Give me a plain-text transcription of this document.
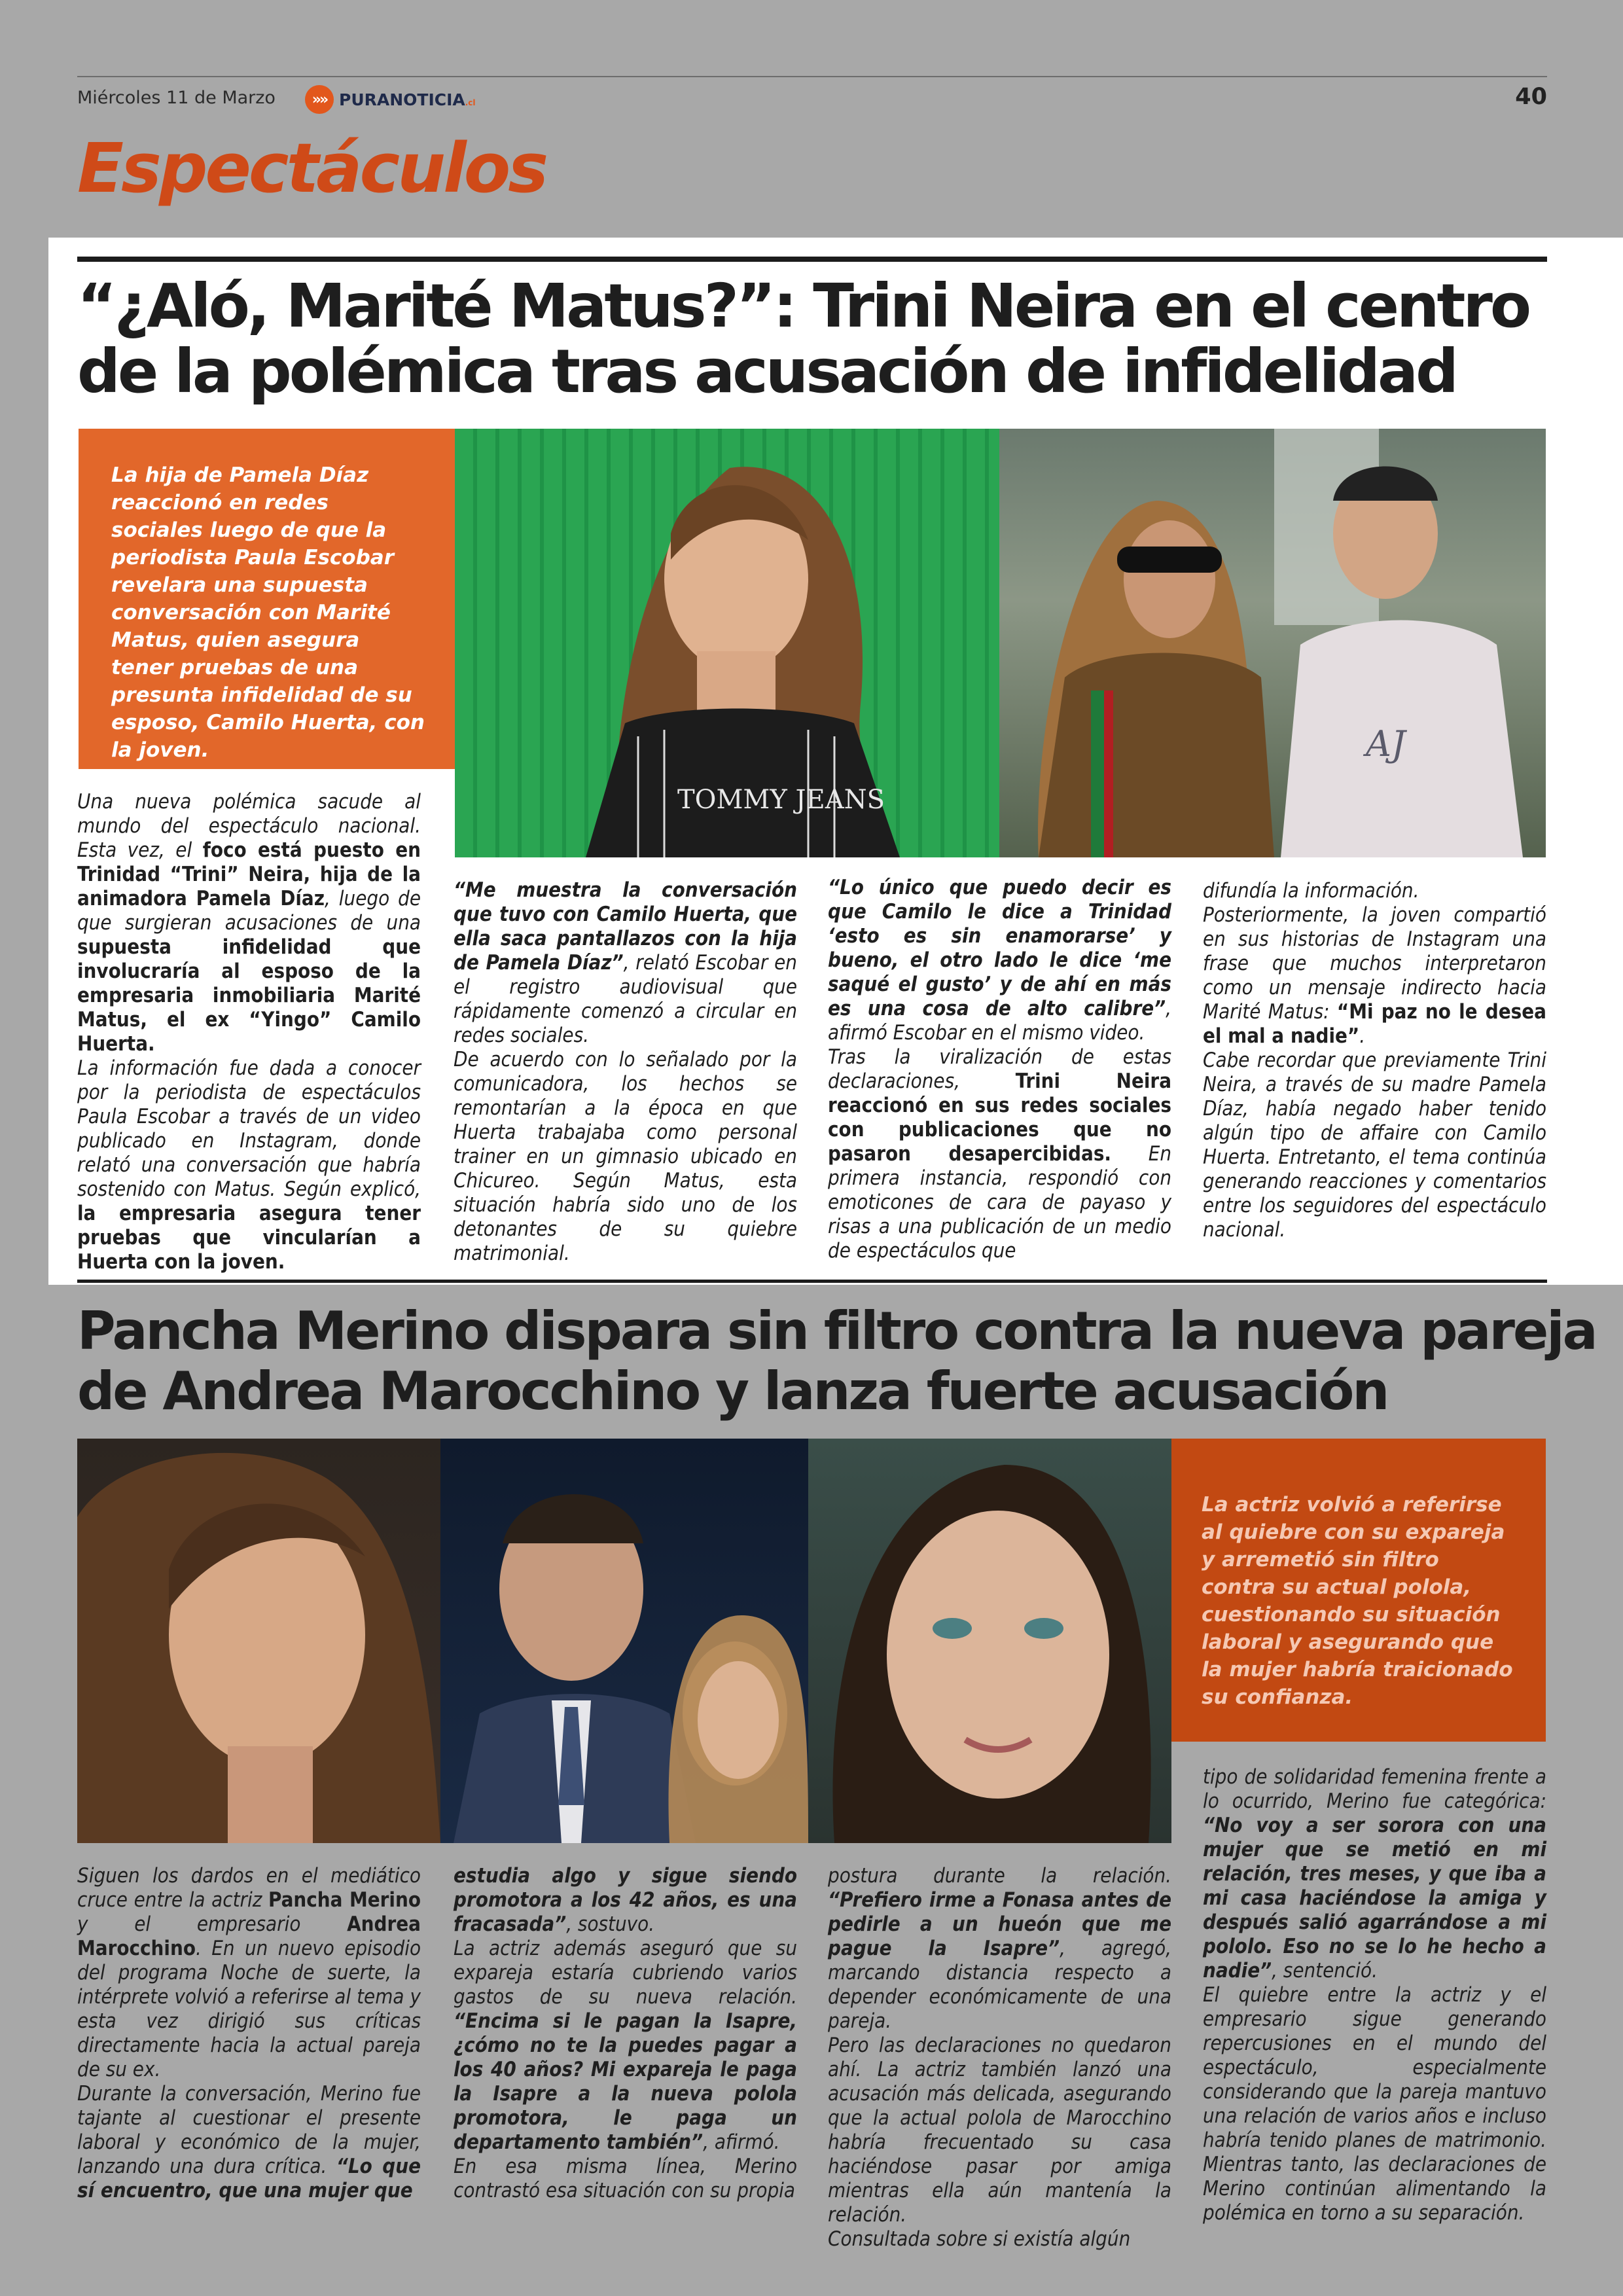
Miércoles 11 de Marzo	»» PURANOTICIA.cl	40
Espectáculos
“¿Aló, Marité Matus?”: Trini Neira en el centro
de la polémica tras acusación de infidelidad
La hija de Pamela Díaz reaccionó en redes sociales luego de que la periodista Paula Escobar revelara una supuesta conversación con Marité Matus, quien asegura tener pruebas de una presunta infidelidad de su esposo, Camilo Huerta, con la joven.
TOMMY JEANS
AJ

Una nueva polémica sacude al mundo del espectáculo nacional. Esta vez, el foco está puesto en Trinidad “Trini” Neira, hija de la animadora Pamela Díaz, luego de que surgieran acusaciones de una supuesta infidelidad que involucraría al esposo de la empresaria inmobiliaria Marité Matus, el ex “Yingo” Camilo Huerta.

La información fue dada a conocer por la periodista de espectáculos Paula Escobar a través de un video publicado en Instagram, donde relató una conversación que habría sostenido con Matus. Según explicó, la empresaria asegura tener pruebas que vincularían a Huerta con la joven.

“Me muestra la conversación que tuvo con Camilo Huerta, que ella saca pantallazos con la hija de Pamela Díaz”, relató Escobar en el registro audiovisual que rápidamente comenzó a circular en redes sociales.

De acuerdo con lo señalado por la comunicadora, los hechos se remontarían a la época en que Huerta trabajaba como personal trainer en un gimnasio ubicado en Chicureo. Según Matus, esta situación habría sido uno de los detonantes de su quiebre matrimonial.

“Lo único que puedo decir es que Camilo le dice a Trinidad ‘esto es sin enamorarse’ y bueno, el otro lado le dice ‘me saqué el gusto’ y de ahí en más es una cosa de alto calibre”, afirmó Escobar en el mismo video.

Tras la viralización de estas declaraciones, Trini Neira reaccionó en sus redes sociales con publicaciones que no pasaron desapercibidas. En primera instancia, respondió con emoticones de cara de payaso y risas a una publicación de un medio de espectáculos que

difundía la información.

Posteriormente, la joven compartió en sus historias de Instagram una frase que muchos interpretaron como un mensaje indirecto hacia Marité Matus: “Mi paz no le desea el mal a nadie”.

Cabe recordar que previamente Trini Neira, a través de su madre Pamela Díaz, había negado haber tenido algún tipo de affaire con Camilo Huerta. Entretanto, el tema continúa generando reacciones y comentarios entre los seguidores del espectáculo nacional.

Pancha Merino dispara sin filtro contra la nueva pareja
de Andrea Marocchino y lanza fuerte acusación
La actriz volvió a referirse al quiebre con su expareja y arremetió sin filtro contra su actual polola, cuestionando su situación laboral y asegurando que la mujer habría traicionado su confianza.

Siguen los dardos en el mediático cruce entre la actriz Pancha Merino y el empresario Andrea Marocchino. En un nuevo episodio del programa Noche de suerte, la intérprete volvió a referirse al tema y esta vez dirigió sus críticas directamente hacia la actual pareja de su ex.

Durante la conversación, Merino fue tajante al cuestionar el presente laboral y económico de la mujer, lanzando una dura crítica. “Lo que sí encuentro, que una mujer que

estudia algo y sigue siendo promotora a los 42 años, es una fracasada”, sostuvo.

La actriz además aseguró que su expareja estaría cubriendo varios gastos de su nueva relación. “Encima si le pagan la Isapre, ¿cómo no te la puedes pagar a los 40 años? Mi expareja le paga la Isapre a la nueva polola promotora, le paga un departamento también”, afirmó.

En esa misma línea, Merino contrastó esa situación con su propia

postura durante la relación. “Prefiero irme a Fonasa antes de pedirle a un hueón que me pague la Isapre”, agregó, marcando distancia respecto a depender económicamente de una pareja.

Pero las declaraciones no quedaron ahí. La actriz también lanzó una acusación más delicada, asegurando que la actual polola de Marocchino habría frecuentado su casa haciéndose pasar por amiga mientras ella aún mantenía la relación.

Consultada sobre si existía algún

tipo de solidaridad femenina frente a lo ocurrido, Merino fue categórica: “No voy a ser sorora con una mujer que se metió en mi relación, tres meses, y que iba a mi casa haciéndose la amiga y después salió agarrándose a mi pololo. Eso no se lo he hecho a nadie”, sentenció.

El quiebre entre la actriz y el empresario sigue generando repercusiones en el mundo del espectáculo, especialmente considerando que la pareja mantuvo una relación de varios años e incluso habría tenido planes de matrimonio. Mientras tanto, las declaraciones de Merino continúan alimentando la polémica en torno a su separación.
